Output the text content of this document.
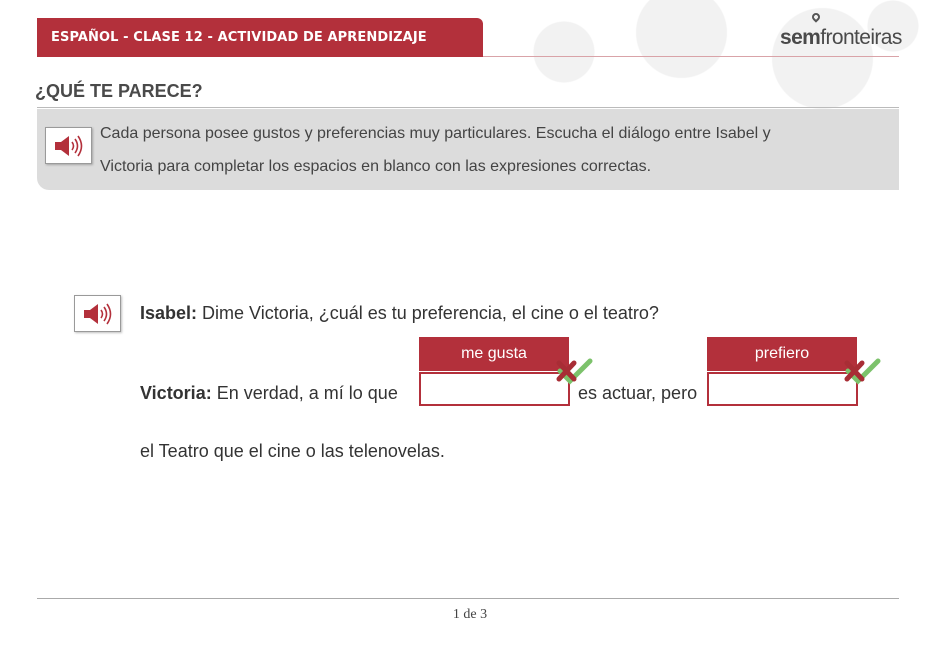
ESPAÑOL - CLASE 12 - ACTIVIDAD DE APRENDIZAJE	sem fronteiras
¿QUÉ TE PARECE?
Cada persona posee gustos y preferencias muy particulares. Escucha el diálogo entre Isabel y
Victoria para completar los espacios en blanco con las expresiones correctas.
Isabel: Dime Victoria, ¿cuál es tu preferencia, el cine o el teatro?
me gusta	prefiero
Victoria: En verdad, a mí lo que	es actuar, pero
el Teatro que el cine o las telenovelas.
1 de 3
